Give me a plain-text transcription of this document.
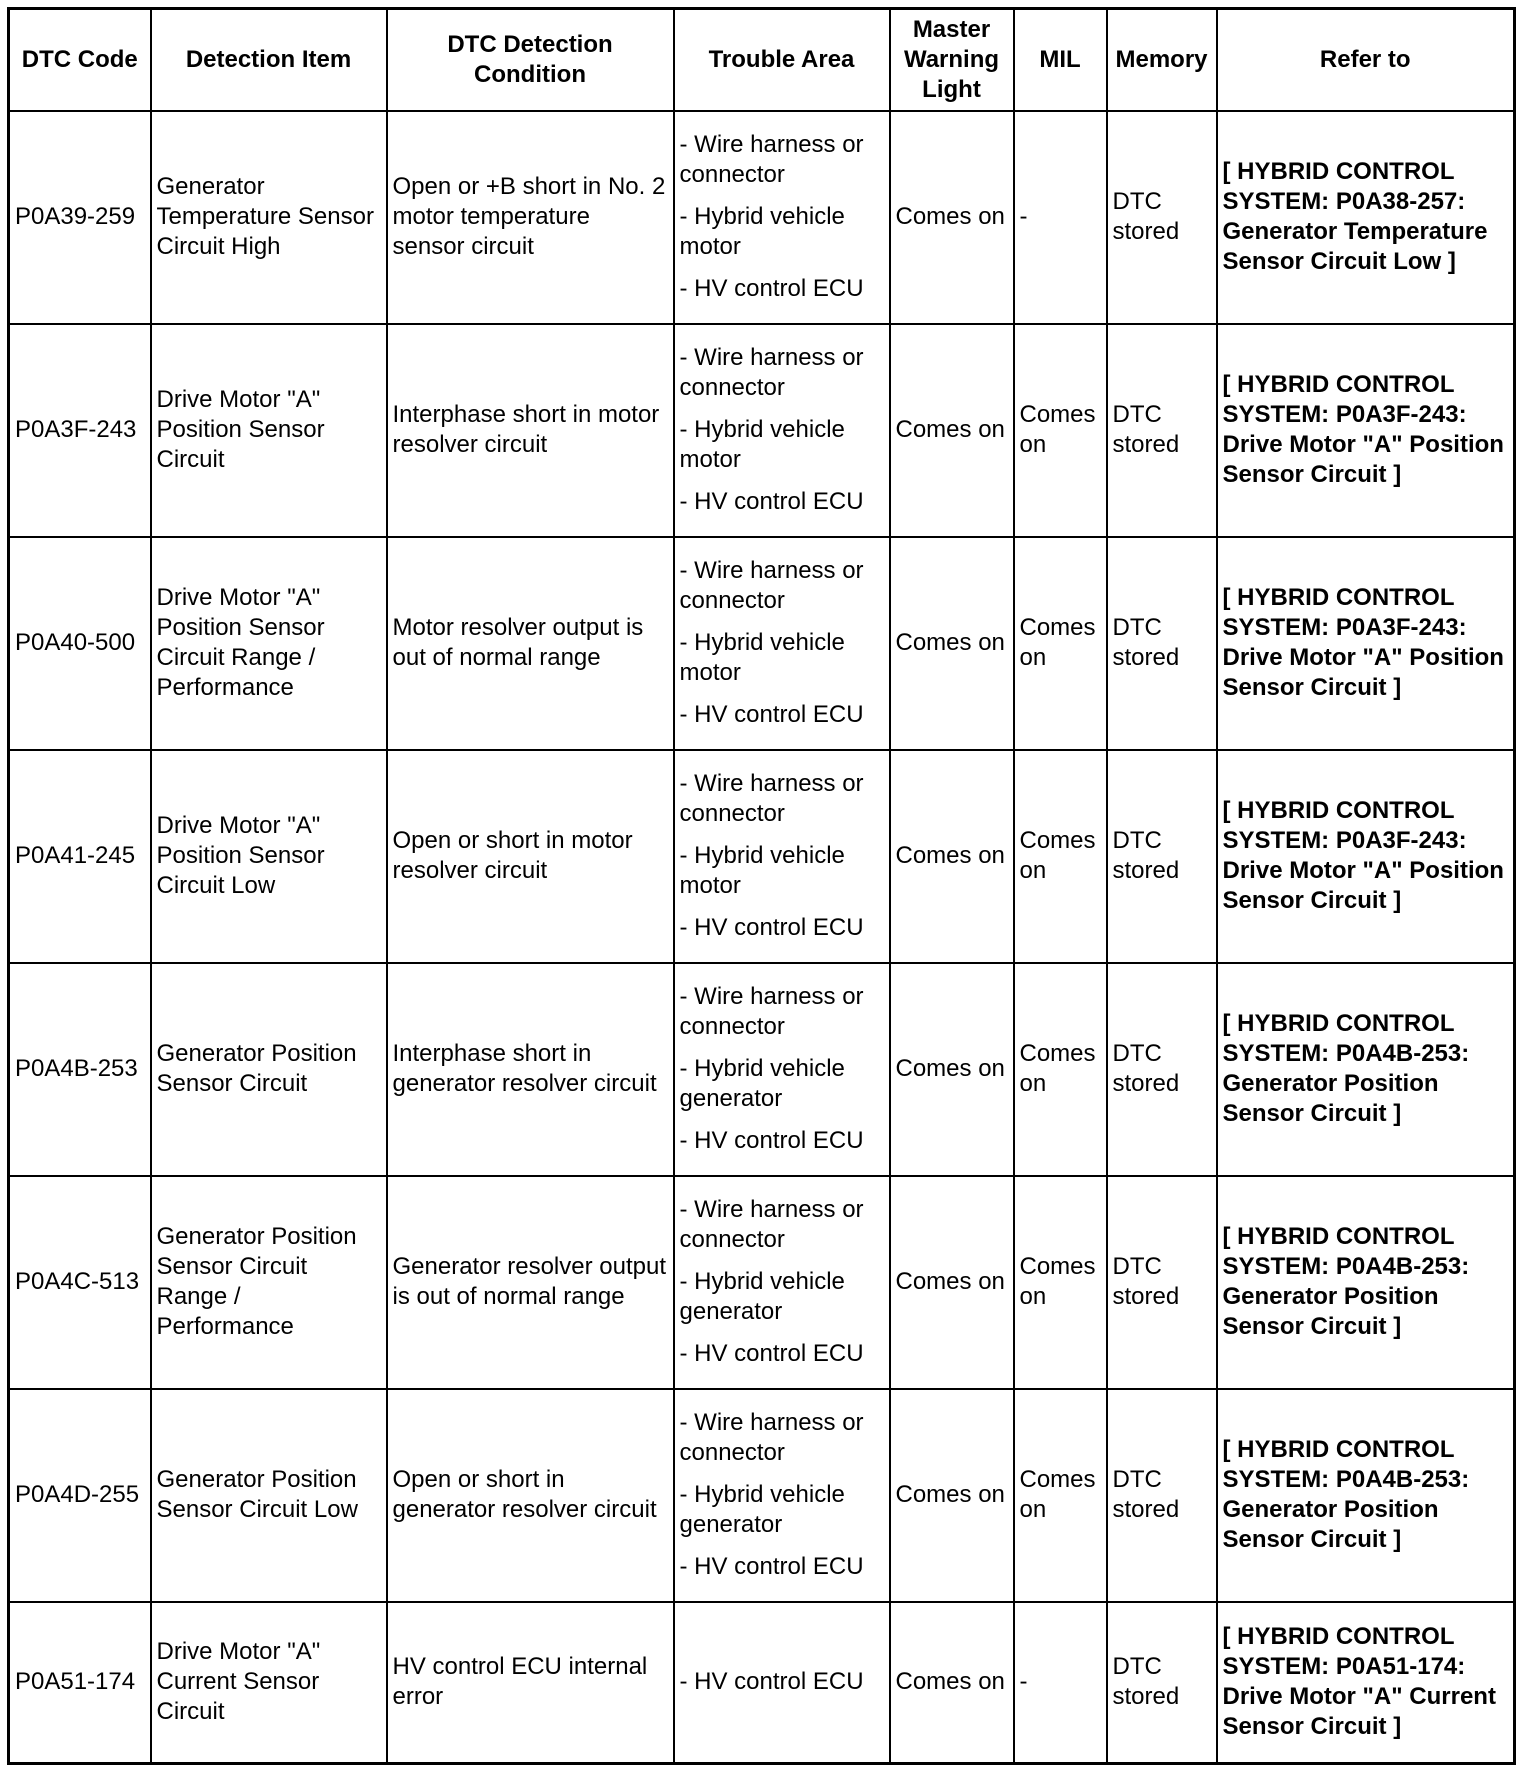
DTC Code	Detection Item	DTC Detection Condition	Trouble Area	Master Warning Light	MIL	Memory	Refer to
P0A39-259	Generator Temperature Sensor Circuit High	Open or +B short in No. 2 motor temperature sensor circuit	- Wire harness or connector
- Hybrid vehicle motor
- HV control ECU	Comes on	-	DTC stored	[ HYBRID CONTROL SYSTEM: P0A38-257: Generator Temperature Sensor Circuit Low ]
P0A3F-243	Drive Motor "A" Position Sensor Circuit	Interphase short in motor resolver circuit	- Wire harness or connector
- Hybrid vehicle motor
- HV control ECU	Comes on	Comes on	DTC stored	[ HYBRID CONTROL SYSTEM: P0A3F-243: Drive Motor "A" Position Sensor Circuit ]
P0A40-500	Drive Motor "A" Position Sensor Circuit Range / Performance	Motor resolver output is out of normal range	- Wire harness or connector
- Hybrid vehicle motor
- HV control ECU	Comes on	Comes on	DTC stored	[ HYBRID CONTROL SYSTEM: P0A3F-243: Drive Motor "A" Position Sensor Circuit ]
P0A41-245	Drive Motor "A" Position Sensor Circuit Low	Open or short in motor resolver circuit	- Wire harness or connector
- Hybrid vehicle motor
- HV control ECU	Comes on	Comes on	DTC stored	[ HYBRID CONTROL SYSTEM: P0A3F-243: Drive Motor "A" Position Sensor Circuit ]
P0A4B-253	Generator Position Sensor Circuit	Interphase short in generator resolver circuit	- Wire harness or connector
- Hybrid vehicle generator
- HV control ECU	Comes on	Comes on	DTC stored	[ HYBRID CONTROL SYSTEM: P0A4B-253: Generator Position Sensor Circuit ]
P0A4C-513	Generator Position Sensor Circuit Range / Performance	Generator resolver output is out of normal range	- Wire harness or connector
- Hybrid vehicle generator
- HV control ECU	Comes on	Comes on	DTC stored	[ HYBRID CONTROL SYSTEM: P0A4B-253: Generator Position Sensor Circuit ]
P0A4D-255	Generator Position Sensor Circuit Low	Open or short in generator resolver circuit	- Wire harness or connector
- Hybrid vehicle generator
- HV control ECU	Comes on	Comes on	DTC stored	[ HYBRID CONTROL SYSTEM: P0A4B-253: Generator Position Sensor Circuit ]
P0A51-174	Drive Motor "A" Current Sensor Circuit	HV control ECU internal error	- HV control ECU	Comes on	-	DTC stored	[ HYBRID CONTROL SYSTEM: P0A51-174: Drive Motor "A" Current Sensor Circuit ]
